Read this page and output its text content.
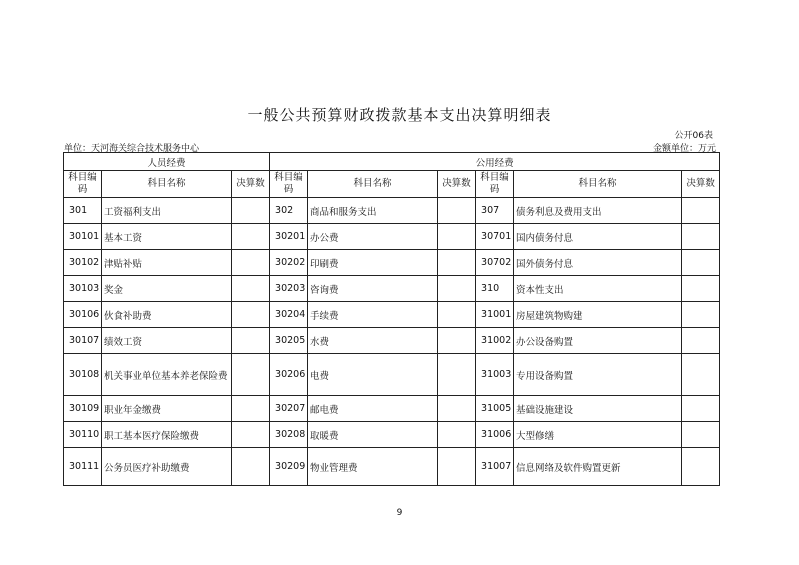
一般公共预算财政拨款基本支出决算明细表
公开06表
单位：天河海关综合技术服务中心	金额单位：万元
人员经费			公用经费					
科目编码	科目名称	决算数	科目编码	科目名称	决算数	科目编码	科目名称	决算数
301	工资福利支出		302	商品和服务支出		307	债务利息及费用支出	
30101	基本工资		30201	办公费		30701	国内债务付息	
30102	津贴补贴		30202	印刷费		30702	国外债务付息	
30103	奖金		30203	咨询费		310	资本性支出	
30106	伙食补助费		30204	手续费		31001	房屋建筑物购建	
30107	绩效工资		30205	水费		31002	办公设备购置	
30108	机关事业单位基本养老保险费		30206	电费		31003	专用设备购置	
30109	职业年金缴费		30207	邮电费		31005	基础设施建设	
30110	职工基本医疗保险缴费		30208	取暖费		31006	大型修缮	
30111	公务员医疗补助缴费		30209	物业管理费		31007	信息网络及软件购置更新	
9
